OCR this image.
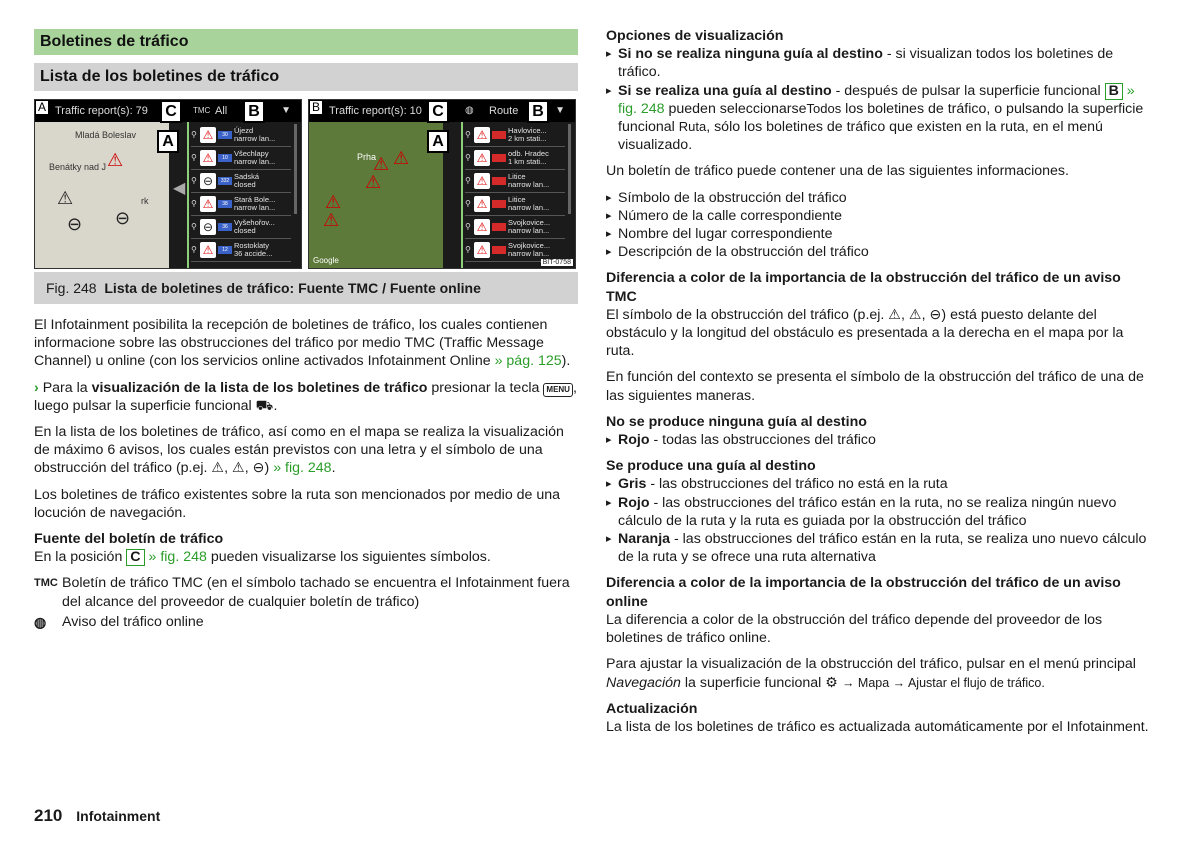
Boletines de tráfico
Lista de los boletines de tráfico
Mladá Boleslav
Benátky nad J
rk
⚠
⚠
⊖ ⊖
Traffic report(s): 79	TMC All	▼
A	C	B
A
◀
⚲ ⚠	30 Újezd
narrow lan...
⚲ ⚠	10 Všechlapy
narrow lan...
⚲ ⊖	332 Sadská
closed
⚲ ⚠	38 Stará Bole...
narrow lan...
⚲ ⊖	36 Vyšehořov...
closed
⚲ ⚠	12 Rostoklaty
36 accide...
Prha
Google
⚠ ⚠
⚠
⚠
⚠
Traffic report(s): 10	◍ Route	▼
B	C	B
A	⚲ ⚠	Havlovice...
2 km stati...
⚲ ⚠	odb. Hradec
1 km stati...
⚲ ⚠	Litice
narrow lan...
⚲ ⚠	Litice
narrow lan...
⚲ ⚠	Svojkovice...
narrow lan...
⚲ ⚠	Svojkovice...
narrow lan...
BIT-0758
Fig. 248 Lista de boletines de tráfico: Fuente TMC / Fuente online

El Infotainment posibilita la recepción de boletines de tráfico, los cuales contienen informacione sobre las obstrucciones del tráfico por medio TMC (Traffic Message Channel) u online (con los servicios online activados Infotainment Online » pág. 125).

› Para la visualización de la lista de los boletines de tráfico presionar la tecla MENU , luego pulsar la superficie funcional ⛟.

En la lista de los boletines de tráfico, así como en el mapa se realiza la visualización de máximo 6 avisos, los cuales están previstos con una letra y el símbolo de una obstrucción del tráfico (p.ej. ⚠, ⚠, ⊖) » fig. 248.

Los boletines de tráfico existentes sobre la ruta son mencionados por medio de una locución de navegación.

Fuente del boletín de tráfico

En la posición C » fig. 248 pueden visualizarse los siguientes símbolos.

TMC Boletín de tráfico TMC (en el símbolo tachado se encuentra el Infotainment fuera del alcance del proveedor de cualquier boletín de tráfico)
◍	Aviso del tráfico online
Opciones de visualización
▸ Si no se realiza ninguna guía al destino - si visualizan todos los boletines de tráfico.
▸ Si se realiza una guía al destino - después de pulsar la superficie funcional B » fig. 248 pueden seleccionarseTodos los boletines de tráfico, o pulsando la superficie funcional Ruta, sólo los boletines de tráfico que existen en la ruta, en el menú visualizado.

Un boletín de tráfico puede contener una de las siguientes informaciones.

▸ Símbolo de la obstrucción del tráfico
▸ Número de la calle correspondiente
▸ Nombre del lugar correspondiente
▸ Descripción de la obstrucción del tráfico
Diferencia a color de la importancia de la obstrucción del tráfico de un aviso TMC

El símbolo de la obstrucción del tráfico (p.ej. ⚠, ⚠, ⊖) está puesto delante del obstáculo y la longitud del obstáculo es presentada a la derecha en el mapa por la ruta.

En función del contexto se presenta el símbolo de la obstrucción del tráfico de una de las siguientes maneras.

No se produce ninguna guía al destino
▸ Rojo - todas las obstrucciones del tráfico
Se produce una guía al destino
▸ Gris - las obstrucciones del tráfico no está en la ruta
▸ Rojo - las obstrucciones del tráfico están en la ruta, no se realiza ningún nuevo cálculo de la ruta y la ruta es guiada por la obstrucción del tráfico
▸ Naranja - las obstrucciones del tráfico están en la ruta, se realiza uno nuevo cálculo de la ruta y se ofrece una ruta alternativa
Diferencia a color de la importancia de la obstrucción del tráfico de un aviso online

La diferencia a color de la obstrucción del tráfico depende del proveedor de los boletines de tráfico online.

Para ajustar la visualización de la obstrucción del tráfico, pulsar en el menú principal Navegación la superficie funcional ⚙ → Mapa → Ajustar el flujo de tráfico.

Actualización

La lista de los boletines de tráfico es actualizada automáticamente por el Infotainment.

210 Infotainment
